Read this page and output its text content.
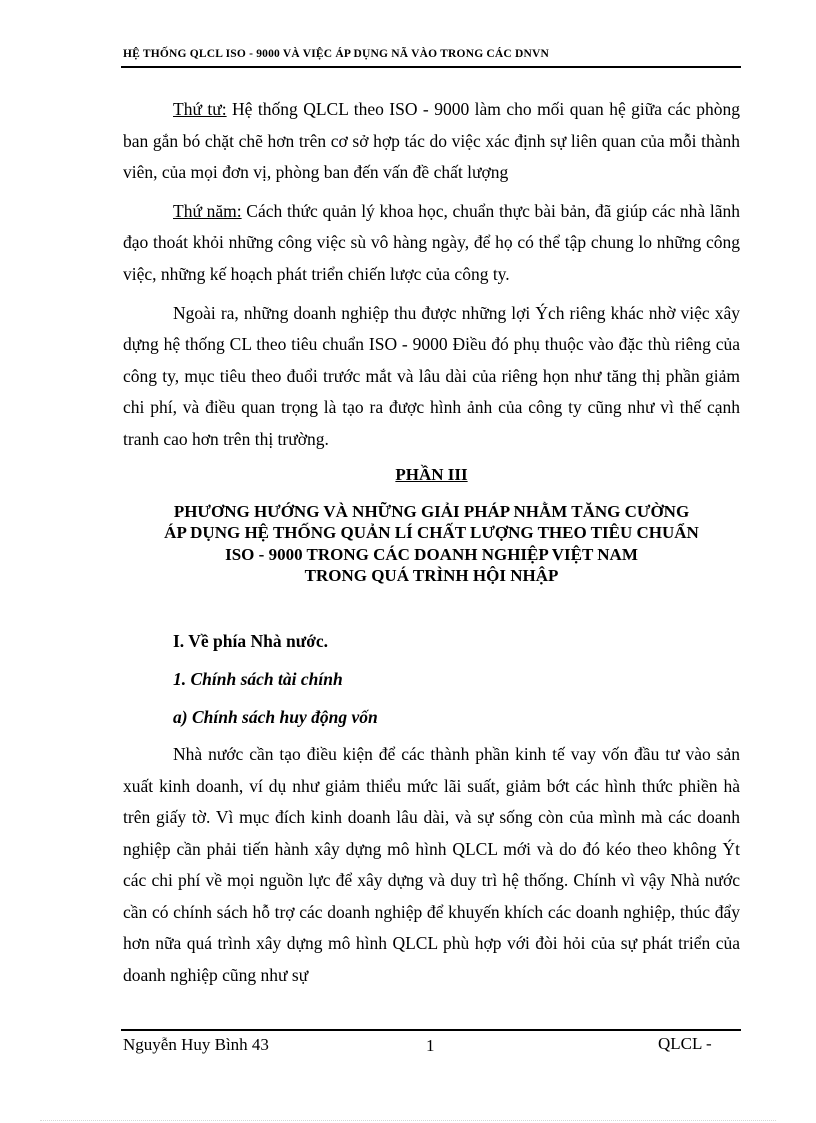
HỆ THỐNG QLCL ISO - 9000 VÀ VIỆC ÁP DỤNG NÃ VÀO TRONG CÁC DNVN

Thứ tư: Hệ thống QLCL theo ISO - 9000 làm cho mối quan hệ giữa các phòng ban gắn bó chặt chẽ hơn trên cơ sở hợp tác do việc xác định sự liên quan của mỗi thành viên, của mọi đơn vị, phòng ban đến vấn đề chất lượng

Thứ năm: Cách thức quản lý khoa học, chuẩn thực bài bản, đã giúp các nhà lãnh đạo thoát khỏi những công việc sù vô hàng ngày, để họ có thể tập chung lo những công việc, những kế hoạch phát triển chiến lược của công ty.

Ngoài ra, những doanh nghiệp thu được những lợi Ých riêng khác nhờ việc xây dựng hệ thống CL theo tiêu chuẩn ISO - 9000 Điều đó phụ thuộc vào đặc thù riêng của công ty, mục tiêu theo đuổi trước mắt và lâu dài của riêng họn như tăng thị phần giảm chi phí, và điều quan trọng là tạo ra được hình ảnh của công ty cũng như vì thế cạnh tranh cao hơn trên thị trường.

PHẦN III
PHƯƠNG HƯỚNG VÀ NHỮNG GIẢI PHÁP NHẰM TĂNG CƯỜNG
ÁP DỤNG HỆ THỐNG QUẢN LÍ CHẤT LƯỢNG THEO TIÊU CHUẨN
ISO - 9000 TRONG CÁC DOANH NGHIỆP VIỆT NAM
TRONG QUÁ TRÌNH HỘI NHẬP
I. Về phía Nhà nước.
1. Chính sách tài chính
a) Chính sách huy động vốn

Nhà nước cần tạo điều kiện để các thành phần kinh tế vay vốn đầu tư vào sản xuất kinh doanh, ví dụ như giảm thiểu mức lãi suất, giảm bớt các hình thức phiền hà trên giấy tờ. Vì mục đích kinh doanh lâu dài, và sự sống còn của mình mà các doanh nghiệp cần phải tiến hành xây dựng mô hình QLCL mới và do đó kéo theo không Ýt các chi phí về mọi nguồn lực để xây dựng và duy trì hệ thống. Chính vì vậy Nhà nước cần có chính sách hỗ trợ các doanh nghiệp để khuyến khích các doanh nghiệp, thúc đẩy hơn nữa quá trình xây dựng mô hình QLCL phù hợp với đòi hỏi của sự phát triển của doanh nghiệp cũng như sự

Nguyễn Huy Bình 43	1	QLCL -
